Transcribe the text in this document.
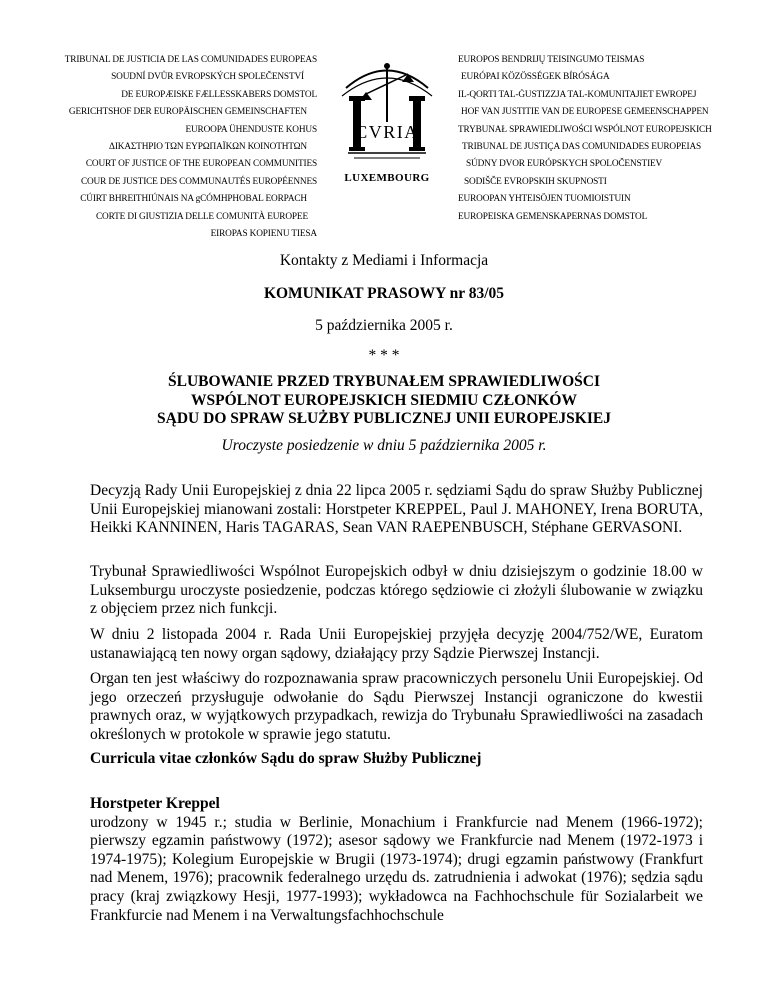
TRIBUNAL DE JUSTICIA DE LAS COMUNIDADES EUROPEAS
SOUDNÍ DVŮR EVROPSKÝCH SPOLEČENSTVÍ
DE EUROPÆISKE FÆLLESSKABERS DOMSTOL
GERICHTSHOF DER EUROPÄISCHEN GEMEINSCHAFTEN
EUROOPA ÜHENDUSTE KOHUS
ΔΙΚΑΣΤΗΡΙΟ ΤΩΝ ΕΥΡΩΠΑΪΚΩΝ ΚΟΙΝΟΤΗΤΩΝ
COURT OF JUSTICE OF THE EUROPEAN COMMUNITIES
COUR DE JUSTICE DES COMMUNAUTÉS EUROPÉENNES
CÚIRT BHREITHIÚNAIS NA gCÓMHPHOBAL EORPACH
CORTE DI GIUSTIZIA DELLE COMUNITÀ EUROPEE
EIROPAS KOPIENU TIESA
CVRIA
LUXEMBOURG
EUROPOS BENDRIJŲ TEISINGUMO TEISMAS
EURÓPAI KÖZÖSSÉGEK BÍRÓSÁGA
IL-QORTI TAL-ĠUSTIZZJA TAL-KOMUNITAJIET EWROPEJ
HOF VAN JUSTITIE VAN DE EUROPESE GEMEENSCHAPPEN
TRYBUNAŁ SPRAWIEDLIWOŚCI WSPÓLNOT EUROPEJSKICH
TRIBUNAL DE JUSTIÇA DAS COMUNIDADES EUROPEIAS
SÚDNY DVOR EURÓPSKYCH SPOLOČENSTIEV
SODIŠČE EVROPSKIH SKUPNOSTI
EUROOPAN YHTEISÖJEN TUOMIOISTUIN
EUROPEISKA GEMENSKAPERNAS DOMSTOL
Kontakty z Mediami i Informacja
KOMUNIKAT PRASOWY nr 83/05
5 października 2005 r.
* * *
ŚLUBOWANIE PRZED TRYBUNAŁEM SPRAWIEDLIWOŚCI
WSPÓLNOT EUROPEJSKICH SIEDMIU CZŁONKÓW
SĄDU DO SPRAW SŁUŻBY PUBLICZNEJ UNII EUROPEJSKIEJ
Uroczyste posiedzenie w dniu 5 października 2005 r.

Decyzją Rady Unii Europejskiej z dnia 22 lipca 2005 r. sędziami Sądu do spraw Służby Publicznej Unii Europejskiej mianowani zostali: Horstpeter KREPPEL, Paul J. MAHONEY, Irena BORUTA, Heikki KANNINEN, Haris TAGARAS, Sean VAN RAEPENBUSCH, Stéphane GERVASONI.

Trybunał Sprawiedliwości Wspólnot Europejskich odbył w dniu dzisiejszym o godzinie 18.00 w Luksemburgu uroczyste posiedzenie, podczas którego sędziowie ci złożyli ślubowanie w związku z objęciem przez nich funkcji.

W dniu 2 listopada 2004 r. Rada Unii Europejskiej przyjęła decyzję 2004/752/WE, Euratom ustanawiającą ten nowy organ sądowy, działający przy Sądzie Pierwszej Instancji.

Organ ten jest właściwy do rozpoznawania spraw pracowniczych personelu Unii Europejskiej. Od jego orzeczeń przysługuje odwołanie do Sądu Pierwszej Instancji ograniczone do kwestii prawnych oraz, w wyjątkowych przypadkach, rewizja do Trybunału Sprawiedliwości na zasadach określonych w protokole w sprawie jego statutu.

Curricula vitae członków Sądu do spraw Służby Publicznej

Horstpeter Kreppel

urodzony w 1945 r.; studia w Berlinie, Monachium i Frankfurcie nad Menem (1966-1972); pierwszy egzamin państwowy (1972); asesor sądowy we Frankfurcie nad Menem (1972-1973 i 1974-1975); Kolegium Europejskie w Brugii (1973-1974); drugi egzamin państwowy (Frankfurt nad Menem, 1976); pracownik federalnego urzędu ds. zatrudnienia i adwokat (1976); sędzia sądu pracy (kraj związkowy Hesji, 1977-1993); wykładowca na Fachhochschule für Sozialarbeit we Frankfurcie nad Menem i na Verwaltungsfachhochschule
